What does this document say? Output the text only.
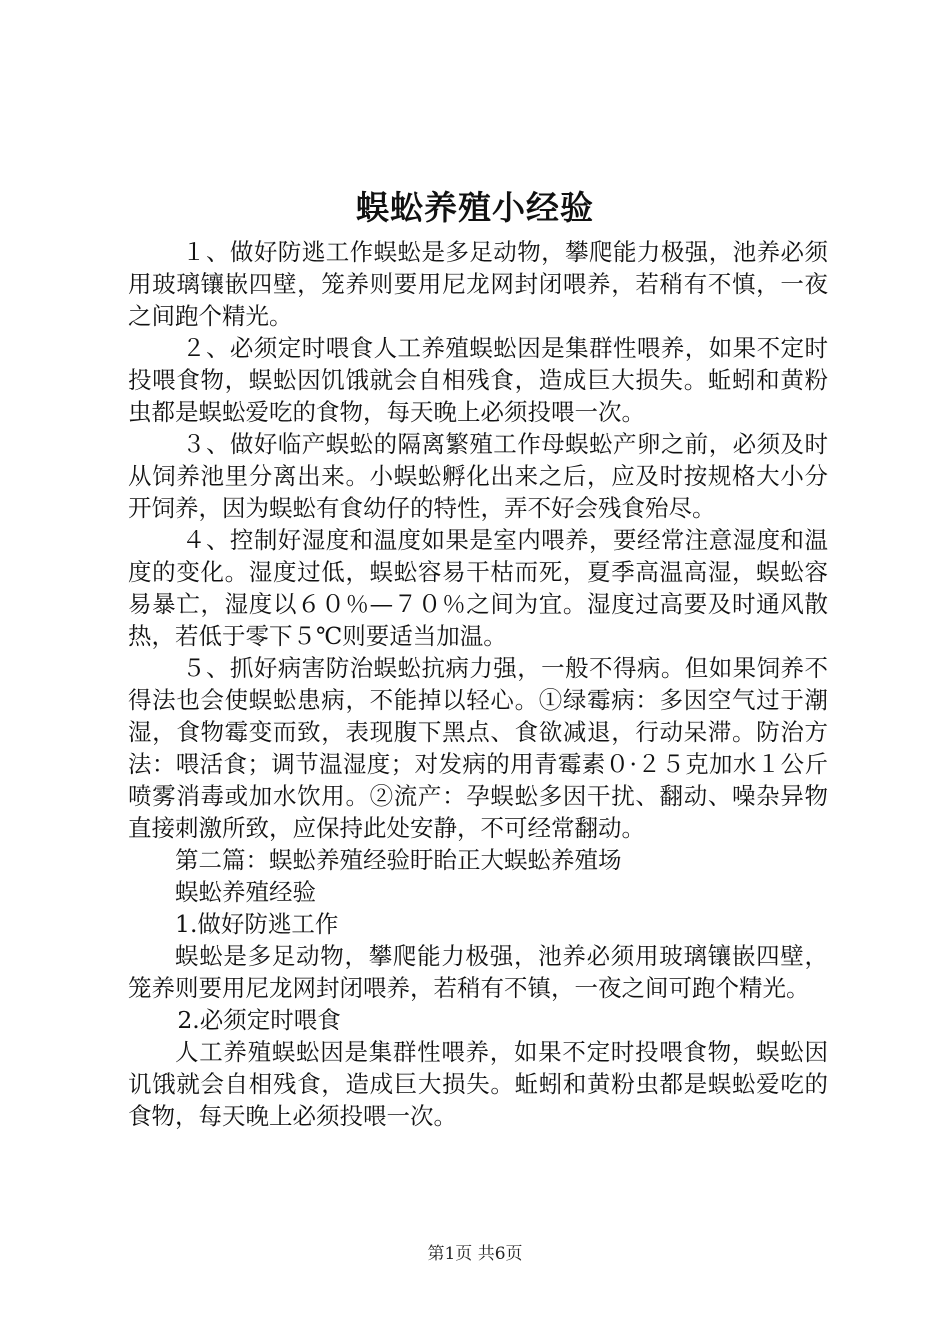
蜈蚣养殖小经验

１、做好防逃工作蜈蚣是多足动物，攀爬能力极强，池养必须用玻璃镶嵌四壁，笼养则要用尼龙网封闭喂养，若稍有不慎，一夜之间跑个精光。

２、必须定时喂食人工养殖蜈蚣因是集群性喂养，如果不定时投喂食物，蜈蚣因饥饿就会自相残食，造成巨大损失。蚯蚓和黄粉虫都是蜈蚣爱吃的食物，每天晚上必须投喂一次。

３、做好临产蜈蚣的隔离繁殖工作母蜈蚣产卵之前，必须及时从饲养池里分离出来。小蜈蚣孵化出来之后，应及时按规格大小分开饲养，因为蜈蚣有食幼仔的特性，弄不好会残食殆尽。

４、控制好湿度和温度如果是室内喂养，要经常注意湿度和温度的变化。湿度过低，蜈蚣容易干枯而死，夏季高温高湿，蜈蚣容易暴亡，湿度以６０％—７０％之间为宜。湿度过高要及时通风散热，若低于零下５℃则要适当加温。

５、抓好病害防治蜈蚣抗病力强，一般不得病。但如果饲养不得法也会使蜈蚣患病，不能掉以轻心。①绿霉病：多因空气过于潮湿，食物霉变而致，表现腹下黑点、食欲减退，行动呆滞。防治方法：喂活食；调节温湿度；对发病的用青霉素０·２５克加水１公斤喷雾消毒或加水饮用。②流产：孕蜈蚣多因干扰、翻动、噪杂异物直接刺激所致，应保持此处安静，不可经常翻动。

第二篇：蜈蚣养殖经验盱眙正大蜈蚣养殖场

蜈蚣养殖经验

1.做好防逃工作

蜈蚣是多足动物，攀爬能力极强，池养必须用玻璃镶嵌四壁，笼养则要用尼龙网封闭喂养，若稍有不镇，一夜之间可跑个精光。

2.必须定时喂食

人工养殖蜈蚣因是集群性喂养，如果不定时投喂食物，蜈蚣因讥饿就会自相残食，造成巨大损失。蚯蚓和黄粉虫都是蜈蚣爱吃的食物，每天晚上必须投喂一次。

第1页 共6页
